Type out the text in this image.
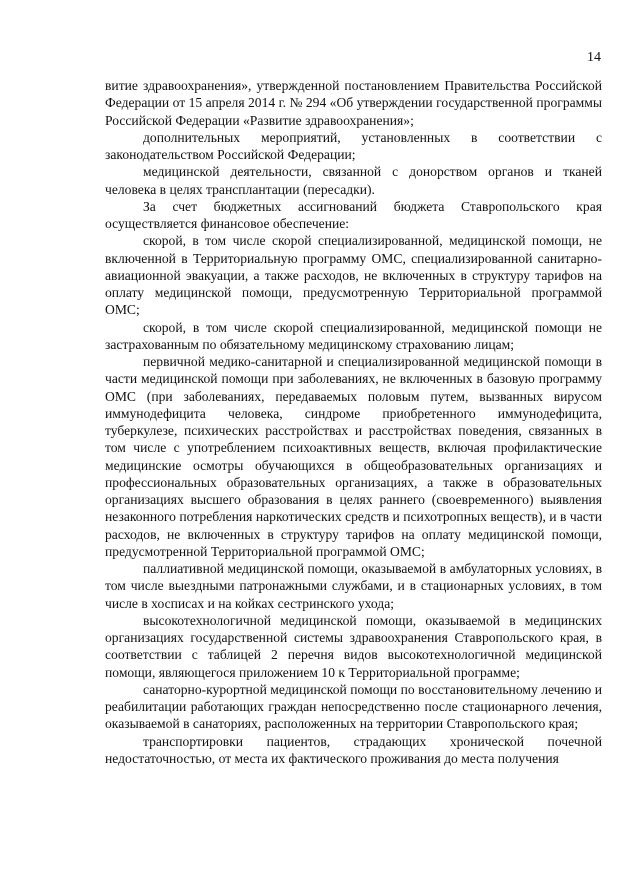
14

витие здравоохранения», утвержденной постановлением Правительства Российской Федерации от 15 апреля 2014 г. № 294 «Об утверждении государственной программы Российской Федерации «Развитие здравоохранения»;

дополнительных мероприятий, установленных в соответствии с законодательством Российской Федерации;

медицинской деятельности, связанной с донорством органов и тканей человека в целях трансплантации (пересадки).

За счет бюджетных ассигнований бюджета Ставропольского края осуществляется финансовое обеспечение:

скорой, в том числе скорой специализированной, медицинской помощи, не включенной в Территориальную программу ОМС, специализированной санитарно-авиационной эвакуации, а также расходов, не включенных в структуру тарифов на оплату медицинской помощи, предусмотренную Территориальной программой ОМС;

скорой, в том числе скорой специализированной, медицинской помощи не застрахованным по обязательному медицинскому страхованию лицам;

первичной медико-санитарной и специализированной медицинской помощи в части медицинской помощи при заболеваниях, не включенных в базовую программу ОМС (при заболеваниях, передаваемых половым путем, вызванных вирусом иммунодефицита человека, синдроме приобретенного иммунодефицита, туберкулезе, психических расстройствах и расстройствах поведения, связанных в том числе с употреблением психоактивных веществ, включая профилактические медицинские осмотры обучающихся в общеобразовательных организациях и профессиональных образовательных организациях, а также в образовательных организациях высшего образования в целях раннего (своевременного) выявления незаконного потребления наркотических средств и психотропных веществ), и в части расходов, не включенных в структуру тарифов на оплату медицинской помощи, предусмотренной Территориальной программой ОМС;

паллиативной медицинской помощи, оказываемой в амбулаторных условиях, в том числе выездными патронажными службами, и в стационарных условиях, в том числе в хосписах и на койках сестринского ухода;

высокотехнологичной медицинской помощи, оказываемой в медицинских организациях государственной системы здравоохранения Ставропольского края, в соответствии с таблицей 2 перечня видов высокотехнологичной медицинской помощи, являющегося приложением 10 к Территориальной программе;

санаторно-курортной медицинской помощи по восстановительному лечению и реабилитации работающих граждан непосредственно после стационарного лечения, оказываемой в санаториях, расположенных на территории Ставропольского края;

транспортировки пациентов, страдающих хронической почечной недостаточностью, от места их фактического проживания до места получения
